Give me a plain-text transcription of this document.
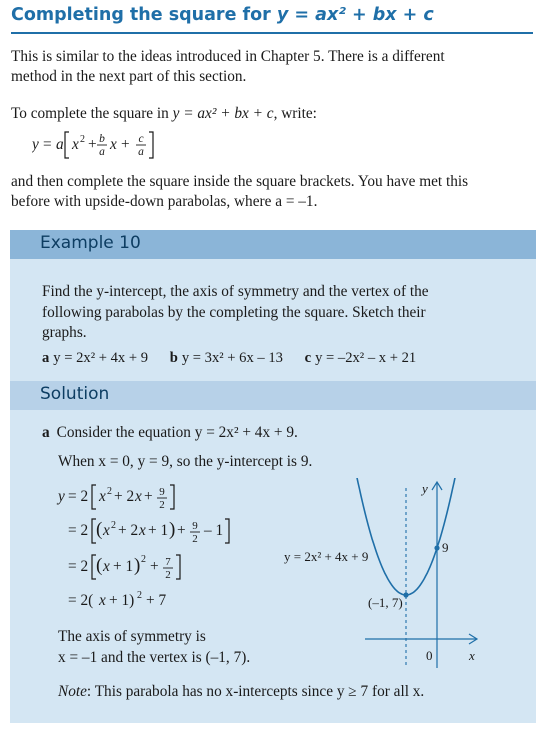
Completing the square for y = ax² + bx + c
This is similar to the ideas introduced in Chapter 5. There is a different
method in the next part of this section.
To complete the square in y = ax² + bx + c, write:
y = a x 2 + b
a x + c
a
and then complete the square inside the square brackets. You have met this
before with upside-down parabolas, where a = –1.
Example 10
Find the y-intercept, the axis of symmetry and the vertex of the
following parabolas by the completing the square. Sketch their
graphs.
a y = 2x² + 4x + 9 b y = 3x² + 6x – 13 c y = –2x² – x + 21
Solution
a Consider the equation y = 2x² + 4x + 9.
When x = 0, y = 9, so the y-intercept is 9.
y = 2 x 2 + 2 x + 9
2
= 2 ( x 2 + 2 x + 1 ) + 9
2 – 1
= 2 ( x + 1 ) 2 + 7
2
= 2( x + 1) 2 + 7
y = 2x² + 4x + 9
(–1, 7)
9
0	x
y
The axis of symmetry is
x = –1 and the vertex is (–1, 7).
Note: This parabola has no x-intercepts since y ≥ 7 for all x.
